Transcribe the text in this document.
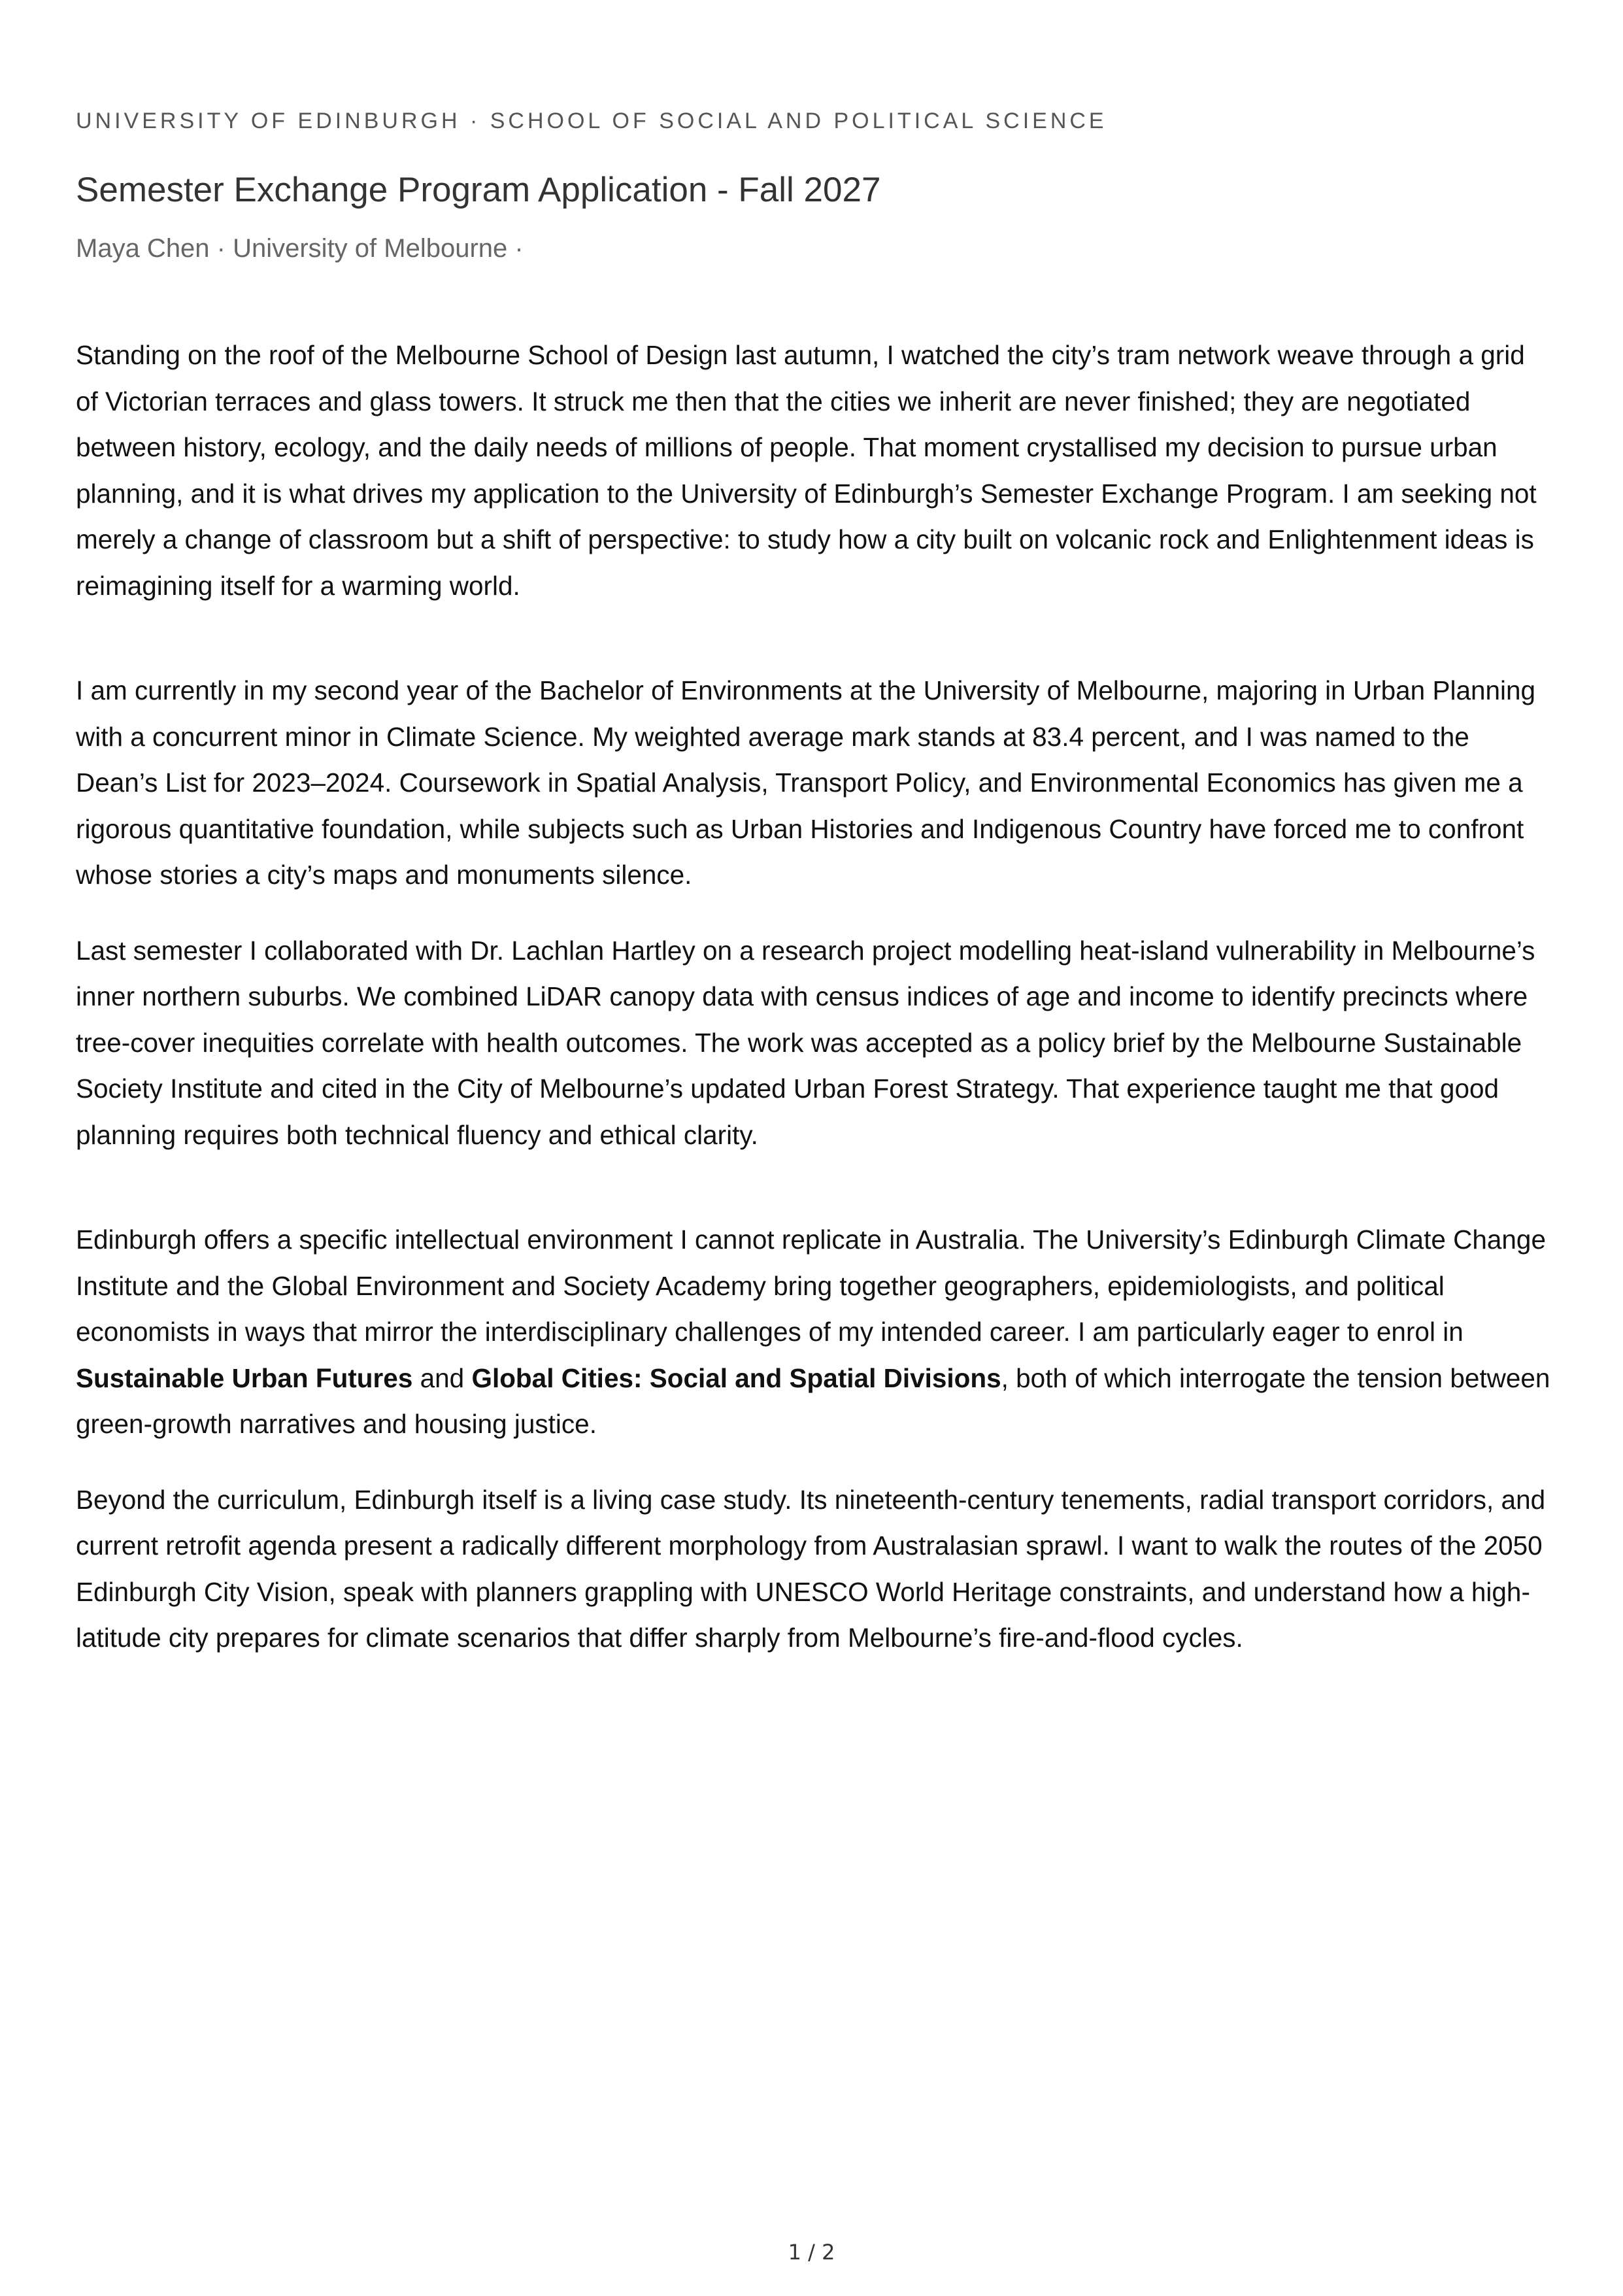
UNIVERSITY OF EDINBURGH · SCHOOL OF SOCIAL AND POLITICAL SCIENCE
Semester Exchange Program Application - Fall 2027
Maya Chen · University of Melbourne ·

Standing on the roof of the Melbourne School of Design last autumn, I watched the city’s tram network weave through a grid of Victorian terraces and glass towers. It struck me then that the cities we inherit are never finished; they are negotiated between history, ecology, and the daily needs of millions of people. That moment crystallised my decision to pursue urban planning, and it is what drives my application to the University of Edinburgh’s Semester Exchange Program. I am seeking not merely a change of classroom but a shift of perspective: to study how a city built on volcanic rock and Enlightenment ideas is reimagining itself for a warming world.

I am currently in my second year of the Bachelor of Environments at the University of Melbourne, majoring in Urban Planning with a concurrent minor in Climate Science. My weighted average mark stands at 83.4 percent, and I was named to the Dean’s List for 2023–2024. Coursework in Spatial Analysis, Transport Policy, and Environmental Economics has given me a rigorous quantitative foundation, while subjects such as Urban Histories and Indigenous Country have forced me to confront whose stories a city’s maps and monuments silence.

Last semester I collaborated with Dr. Lachlan Hartley on a research project modelling heat-island vulnerability in Melbourne’s inner northern suburbs. We combined LiDAR canopy data with census indices of age and income to identify precincts where tree-cover inequities correlate with health outcomes. The work was accepted as a policy brief by the Melbourne Sustainable Society Institute and cited in the City of Melbourne’s updated Urban Forest Strategy. That experience taught me that good planning requires both technical fluency and ethical clarity.

Edinburgh offers a specific intellectual environment I cannot replicate in Australia. The University’s Edinburgh Climate Change Institute and the Global Environment and Society Academy bring together geographers, epidemiologists, and political economists in ways that mirror the interdisciplinary challenges of my intended career. I am particularly eager to enrol in Sustainable Urban Futures and Global Cities: Social and Spatial Divisions, both of which interrogate the tension between green-growth narratives and housing justice.

Beyond the curriculum, Edinburgh itself is a living case study. Its nineteenth-century tenements, radial transport corridors, and current retrofit agenda present a radically different morphology from Australasian sprawl. I want to walk the routes of the 2050 Edinburgh City Vision, speak with planners grappling with UNESCO World Heritage constraints, and understand how a high-latitude city prepares for climate scenarios that differ sharply from Melbourne’s fire-and-flood cycles.

1 / 2
